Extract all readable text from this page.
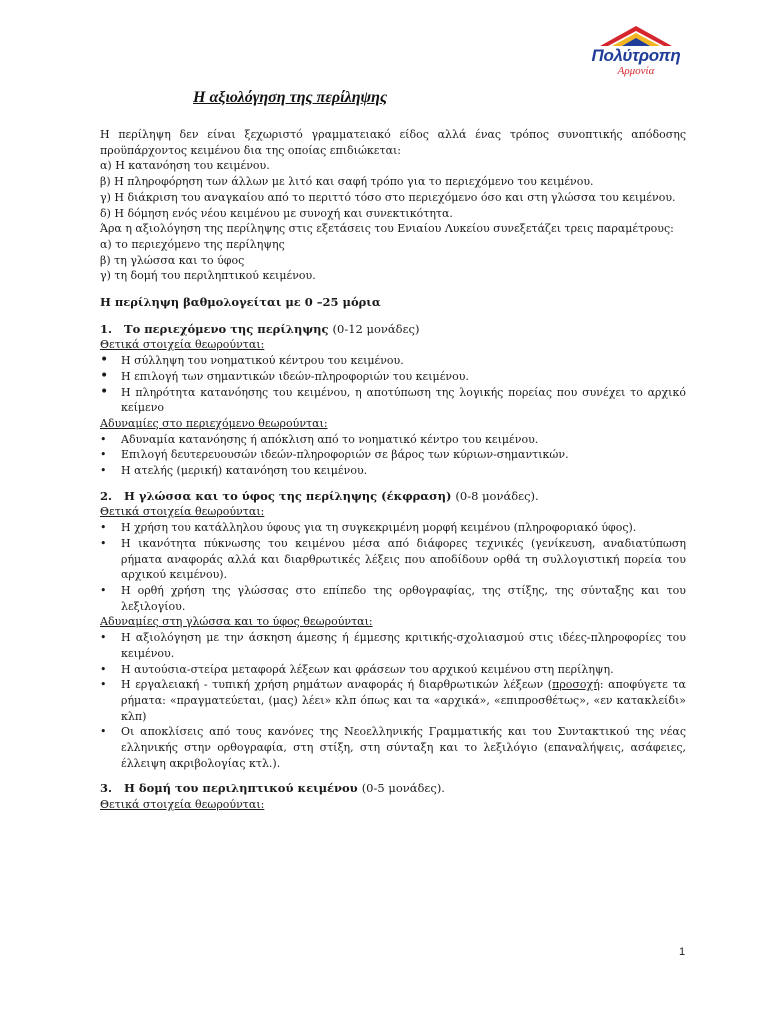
Πολύτροπη
Αρμονία
Η αξιολόγηση της περίληψης

Η περίληψη δεν είναι ξεχωριστό γραμματειακό είδος αλλά ένας τρόπος συνοπτικής απόδοσης προϋπάρχοντος κειμένου δια της οποίας επιδιώκεται:

α) Η κατανόηση του κειμένου.

β) Η πληροφόρηση των άλλων με λιτό και σαφή τρόπο για το περιεχόμενο του κειμένου.

γ) Η διάκριση του αναγκαίου από το περιττό τόσο στο περιεχόμενο όσο και στη γλώσσα του κειμένου.

δ) Η δόμηση ενός νέου κειμένου με συνοχή και συνεκτικότητα.

Άρα η αξιολόγηση της περίληψης στις εξετάσεις του Ενιαίου Λυκείου συνεξετάζει τρεις παραμέτρους:

α) το περιεχόμενο της περίληψης

β) τη γλώσσα και το ύφος

γ) τη δομή του περιληπτικού κειμένου.

Η περίληψη βαθμολογείται με 0 –25 μόρια

1. Το περιεχόμενο της περίληψης (0-12 μονάδες)

Θετικά στοιχεία θεωρούνται:

• Η σύλληψη του νοηματικού κέντρου του κειμένου.
• Η επιλογή των σημαντικών ιδεών-πληροφοριών του κειμένου.
• Η πληρότητα κατανόησης του κειμένου, η αποτύπωση της λογικής πορείας που συνέχει το αρχικό κείμενο

Αδυναμίες στο περιεχόμενο θεωρούνται:

• Αδυναμία κατανόησης ή απόκλιση από το νοηματικό κέντρο του κειμένου.
• Επιλογή δευτερευουσών ιδεών-πληροφοριών σε βάρος των κύριων-σημαντικών.
• Η ατελής (μερική) κατανόηση του κειμένου.

2. Η γλώσσα και το ύφος της περίληψης (έκφραση) (0-8 μονάδες).

Θετικά στοιχεία θεωρούνται:

• Η χρήση του κατάλληλου ύφους για τη συγκεκριμένη μορφή κειμένου (πληροφοριακό ύφος).
• Η ικανότητα πύκνωσης του κειμένου μέσα από διάφορες τεχνικές (γενίκευση, αναδιατύπωση ρήματα αναφοράς αλλά και διαρθρωτικές λέξεις που αποδίδουν ορθά τη συλλογιστική πορεία του αρχικού κειμένου).
• Η ορθή χρήση της γλώσσας στο επίπεδο της ορθογραφίας, της στίξης, της σύνταξης και του λεξιλογίου.

Αδυναμίες στη γλώσσα και το ύφος θεωρούνται:

• Η αξιολόγηση με την άσκηση άμεσης ή έμμεσης κριτικής-σχολιασμού στις ιδέες-πληροφορίες του κειμένου.
• Η αυτούσια-στείρα μεταφορά λέξεων και φράσεων του αρχικού κειμένου στη περίληψη.
• Η εργαλειακή - τυπική χρήση ρημάτων αναφοράς ή διαρθρωτικών λέξεων (προσοχή: αποφύγετε τα ρήματα: «πραγματεύεται, (μας) λέει» κλπ όπως και τα «αρχικά», «επιπροσθέτως», «εν κατακλείδι» κλπ)
• Οι αποκλίσεις από τους κανόνες της Νεοελληνικής Γραμματικής και του Συντακτικού της νέας ελληνικής στην ορθογραφία, στη στίξη, στη σύνταξη και το λεξιλόγιο (επαναλήψεις, ασάφειες, έλλειψη ακριβολογίας κτλ.).

3. Η δομή του περιληπτικού κειμένου (0-5 μονάδες).

Θετικά στοιχεία θεωρούνται:

1
